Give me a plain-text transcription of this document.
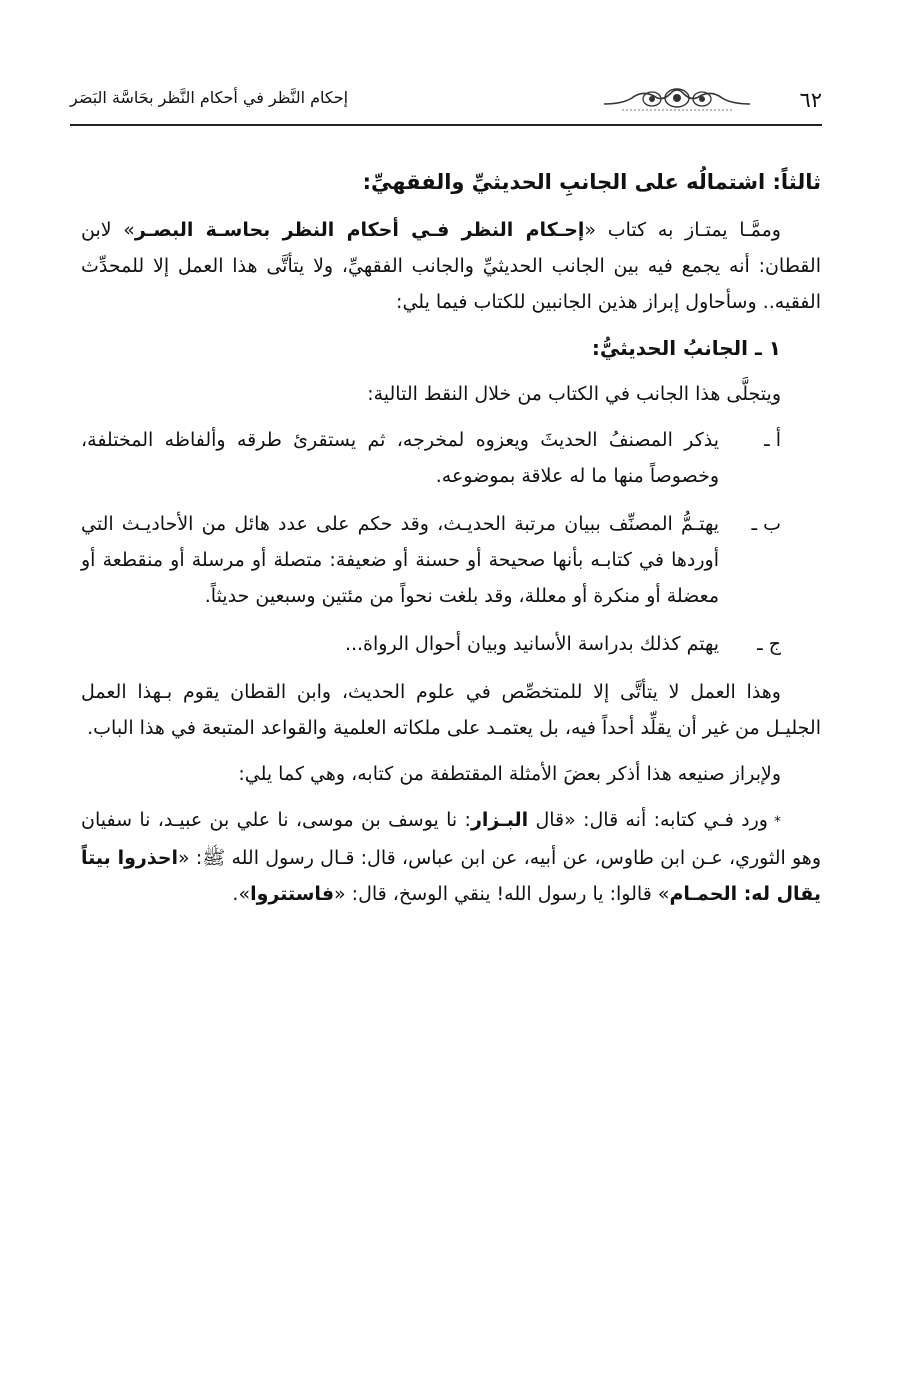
٦٢
إحكام النَّظر في أحكام النَّظر بحَاسَّة البَصَر

ثالثاً: اشتمالُه على الجانبِ الحديثيِّ والفقهيِّ:

وممَّـا يمتـاز به كتاب «إحـكام النظر فـي أحكام النظر بحاسـة البصـر» لابن القطان: أنه يجمع فيه بين الجانب الحديثيِّ والجانب الفقهيِّ، ولا يتأتَّى هذا العمل إلا للمحدِّث الفقيه.. وسأحاول إبراز هذين الجانبين للكتاب فيما يلي:

١ ـ الجانبُ الحديثيُّ:

ويتجلَّى هذا الجانب في الكتاب من خلال النقط التالية:

أ ـ
يذكر المصنفُ الحديثَ ويعزوه لمخرجه، ثم يستقرئ طرقه وألفاظه المختلفة، وخصوصاً منها ما له علاقة بموضوعه.
ب ـ
يهتـمُّ المصنِّف ببيان مرتبة الحديـث، وقد حكم على عدد هائل من الأحاديـث التي أوردها في كتابـه بأنها صحيحة أو حسنة أو ضعيفة: متصلة أو مرسلة أو منقطعة أو معضلة أو منكرة أو معللة، وقد بلغت نحواً من مئتين وسبعين حديثاً.
ج ـ
يهتم كذلك بدراسة الأسانيد وبيان أحوال الرواة...

وهذا العمل لا يتأتَّى إلا للمتخصِّص في علوم الحديث، وابن القطان يقوم بـهذا العمل الجليـل من غير أن يقلِّد أحداً فيه، بل يعتمـد على ملكاته العلمية والقواعد المتبعة في هذا الباب.

ولإبراز صنيعه هذا أذكر بعضَ الأمثلة المقتطفة من كتابه، وهي كما يلي:

*ورد فـي كتابه: أنه قال: «قال البـزار: نا يوسف بن موسى، نا علي بن عبيـد، نا سفيان وهو الثوري، عـن ابن طاوس، عن أبيه، عن ابن عباس، قال: قـال رسول الله ﷺ: «احذروا بيتاً يقال له: الحمـام» قالوا: يا رسول الله! ينقي الوسخ، قال: «فاستتروا».
